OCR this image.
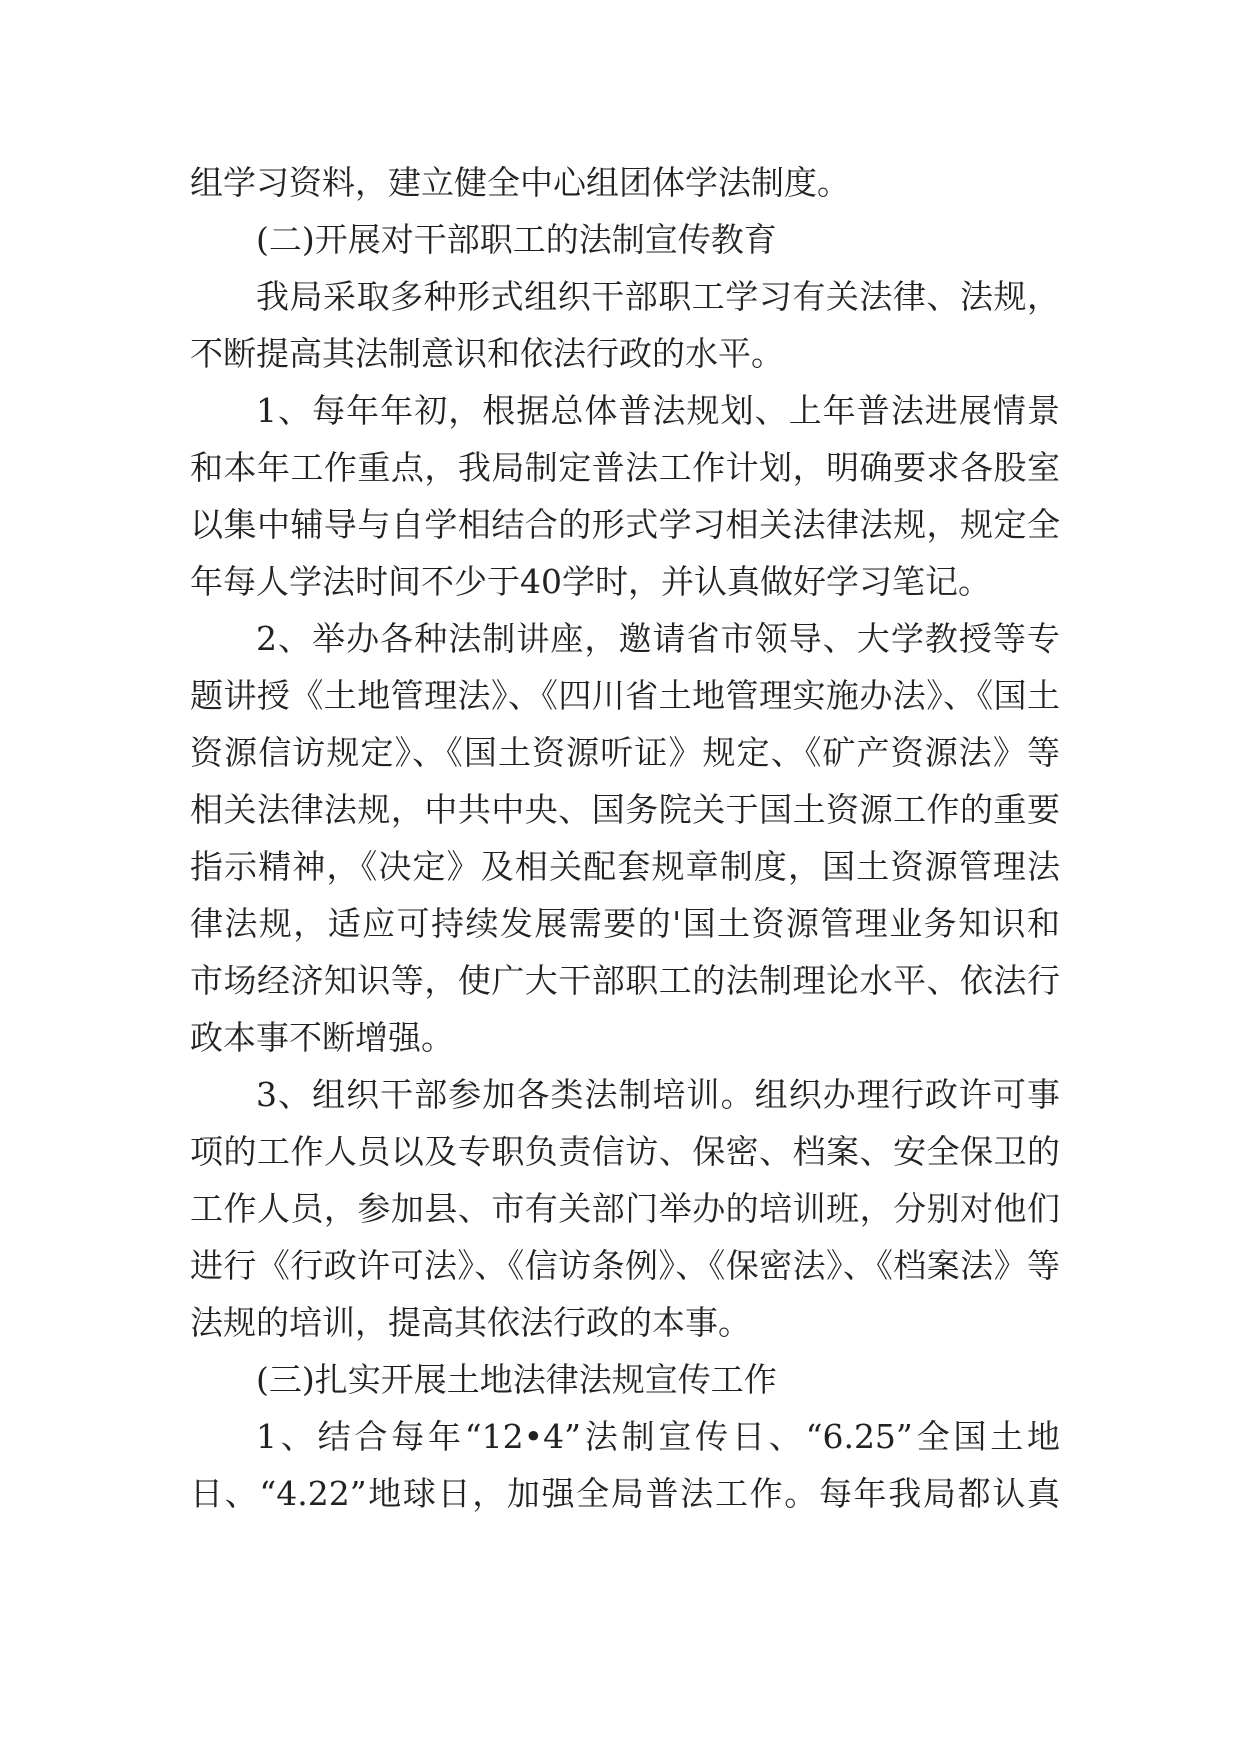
组学习资料，建立健全中心组团体学法制度。
(二)开展对干部职工的法制宣传教育
我局采取多种形式组织干部职工学习有关法律、法规，
不断提高其法制意识和依法行政的水平。
1、每年年初，根据总体普法规划、上年普法进展情景
和本年工作重点，我局制定普法工作计划，明确要求各股室
以集中辅导与自学相结合的形式学习相关法律法规，规定全
年每人学法时间不少于40学时，并认真做好学习笔记。
2、举办各种法制讲座，邀请省市领导、大学教授等专
题讲授《土地管理法》、《四川省土地管理实施办法》、《国土
资源信访规定》、《国土资源听证》规定、《矿产资源法》等
相关法律法规，中共中央、国务院关于国土资源工作的重要
指示精神，《决定》及相关配套规章制度，国土资源管理法
律法规，适应可持续发展需要的'国土资源管理业务知识和
市场经济知识等，使广大干部职工的法制理论水平、依法行
政本事不断增强。
3、组织干部参加各类法制培训。组织办理行政许可事
项的工作人员以及专职负责信访、保密、档案、安全保卫的
工作人员，参加县、市有关部门举办的培训班，分别对他们
进行《行政许可法》、《信访条例》、《保密法》、《档案法》等
法规的培训，提高其依法行政的本事。
(三)扎实开展土地法律法规宣传工作
1、结合每年“12•4”法制宣传日、“6.25”全国土地
日、“4.22”地球日，加强全局普法工作。每年我局都认真
